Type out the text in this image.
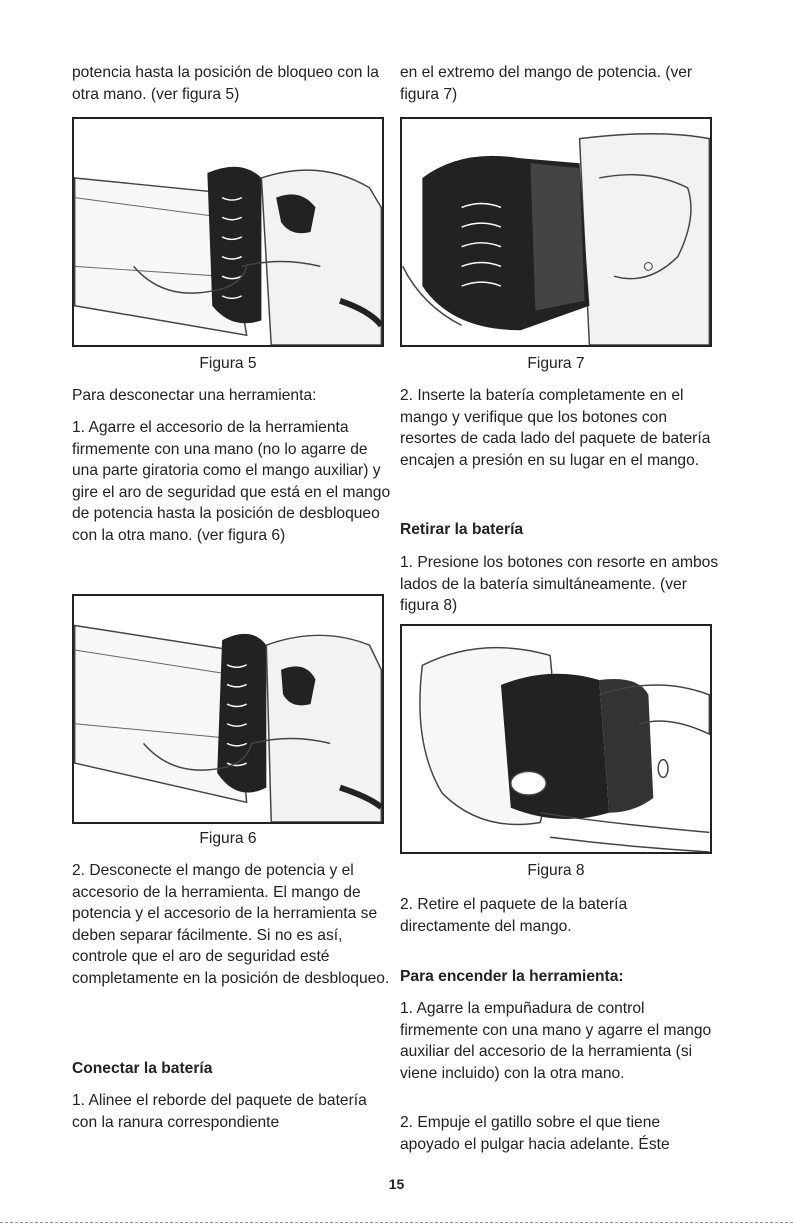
potencia hasta la posición de bloqueo con la otra mano. (ver figura 5)

Figura 5

Para desconectar una herramienta:

1. Agarre el accesorio de la herramienta firmemente con una mano (no lo agarre de una parte giratoria como el mango auxiliar) y gire el aro de seguridad que está en el mango de potencia hasta la posición de desbloqueo con la otra mano. (ver figura 6)

Figura 6

2. Desconecte el mango de potencia y el accesorio de la herramienta. El mango de potencia y el accesorio de la herramienta se deben separar fácilmente. Si no es así, controle que el aro de seguridad esté completamente en la posición de desbloqueo.

Conectar la batería

1. Alinee el reborde del paquete de batería con la ranura correspondiente

en el extremo del mango de potencia. (ver figura 7)

Figura 7

2. Inserte la batería completamente en el mango y verifique que los botones con resortes de cada lado del paquete de batería encajen a presión en su lugar en el mango.

Retirar la batería

1. Presione los botones con resorte en ambos lados de la batería simultáneamente. (ver figura 8)

Figura 8

2. Retire el paquete de la batería directamente del mango.

Para encender la herramienta:

1. Agarre la empuñadura de control firmemente con una mano y agarre el mango auxiliar del accesorio de la herramienta (si viene incluido) con la otra mano.

2. Empuje el gatillo sobre el que tiene apoyado el pulgar hacia adelante. Éste

15
